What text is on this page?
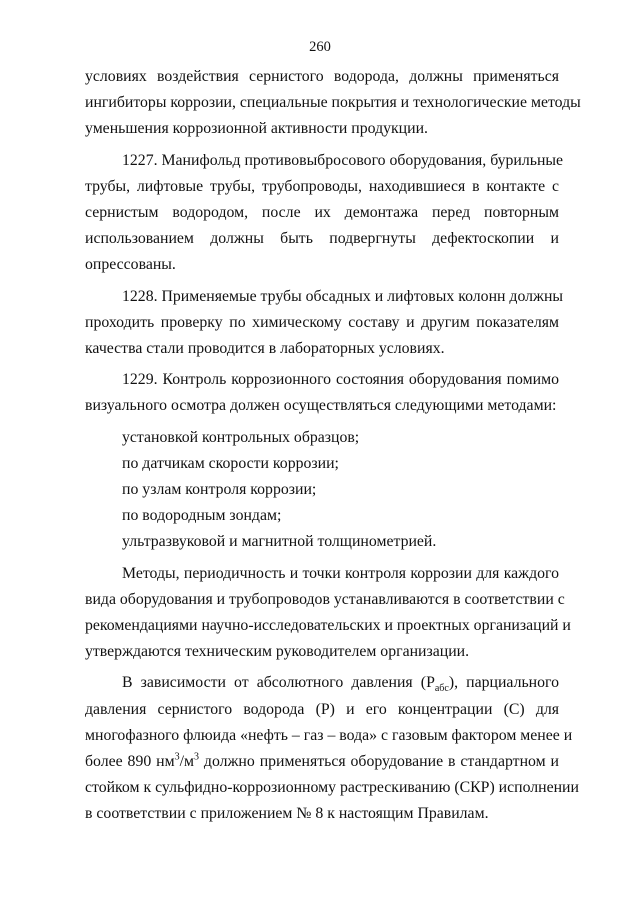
260
условиях воздействия сернистого водорода, должны применяться
ингибиторы коррозии, специальные покрытия и технологические методы
уменьшения коррозионной активности продукции.
1227. Манифольд противовыбросового оборудования, бурильные
трубы, лифтовые трубы, трубопроводы, находившиеся в контакте с
сернистым водородом, после их демонтажа перед повторным
использованием должны быть подвергнуты дефектоскопии и
опрессованы.
1228. Применяемые трубы обсадных и лифтовых колонн должны
проходить проверку по химическому составу и другим показателям
качества стали проводится в лабораторных условиях.
1229. Контроль коррозионного состояния оборудования помимо
визуального осмотра должен осуществляться следующими методами:
установкой контрольных образцов;
по датчикам скорости коррозии;
по узлам контроля коррозии;
по водородным зондам;
ультразвуковой и магнитной толщинометрией.
Методы, периодичность и точки контроля коррозии для каждого
вида оборудования и трубопроводов устанавливаются в соответствии с
рекомендациями научно-исследовательских и проектных организаций и
утверждаются техническим руководителем организации.
В зависимости от абсолютного давления $(Р_{абс})$, парциального
давления сернистого водорода (Р) и его концентрации (С) для
многофазного флюида «нефть – газ – вода» с газовым фактором менее и
более 890 $нм^3/м^3$ должно применяться оборудование в стандартном и
стойком к сульфидно-коррозионному растрескиванию (СКР) исполнении
в соответствии с приложением № 8 к настоящим Правилам.
